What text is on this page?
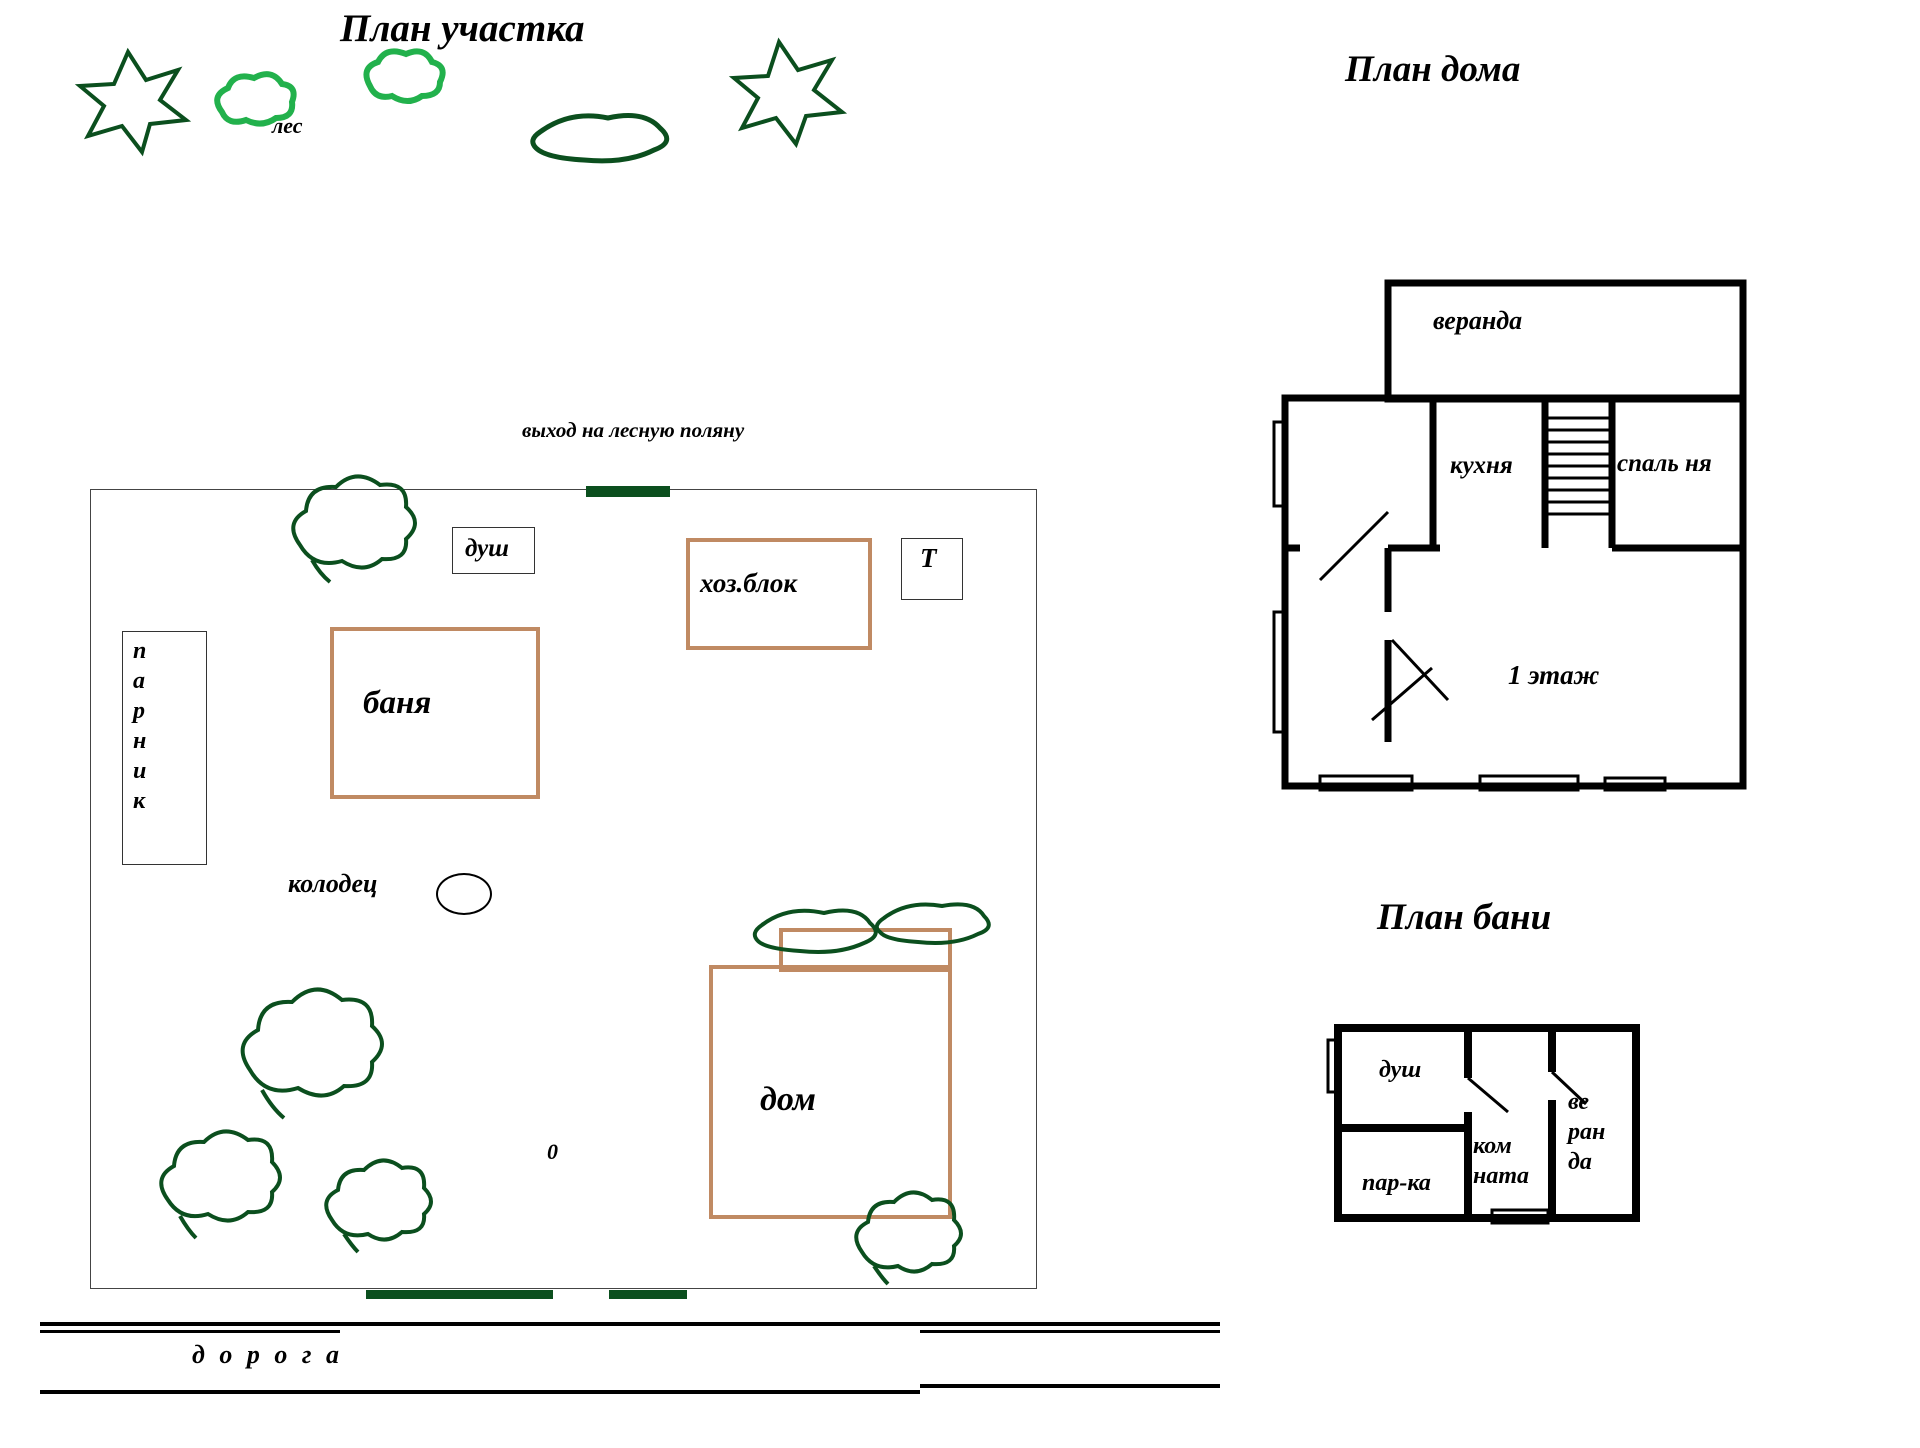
План участка
План дома
План бани
выход на лесную поляну
баня
хоз.блок
душ	Т
п а р н и к
колодец
0
дом
д о р о г а
лес
веранда
кухня	спаль ня
1 этаж
душ
ком ната
пар-ка
ве ран да
